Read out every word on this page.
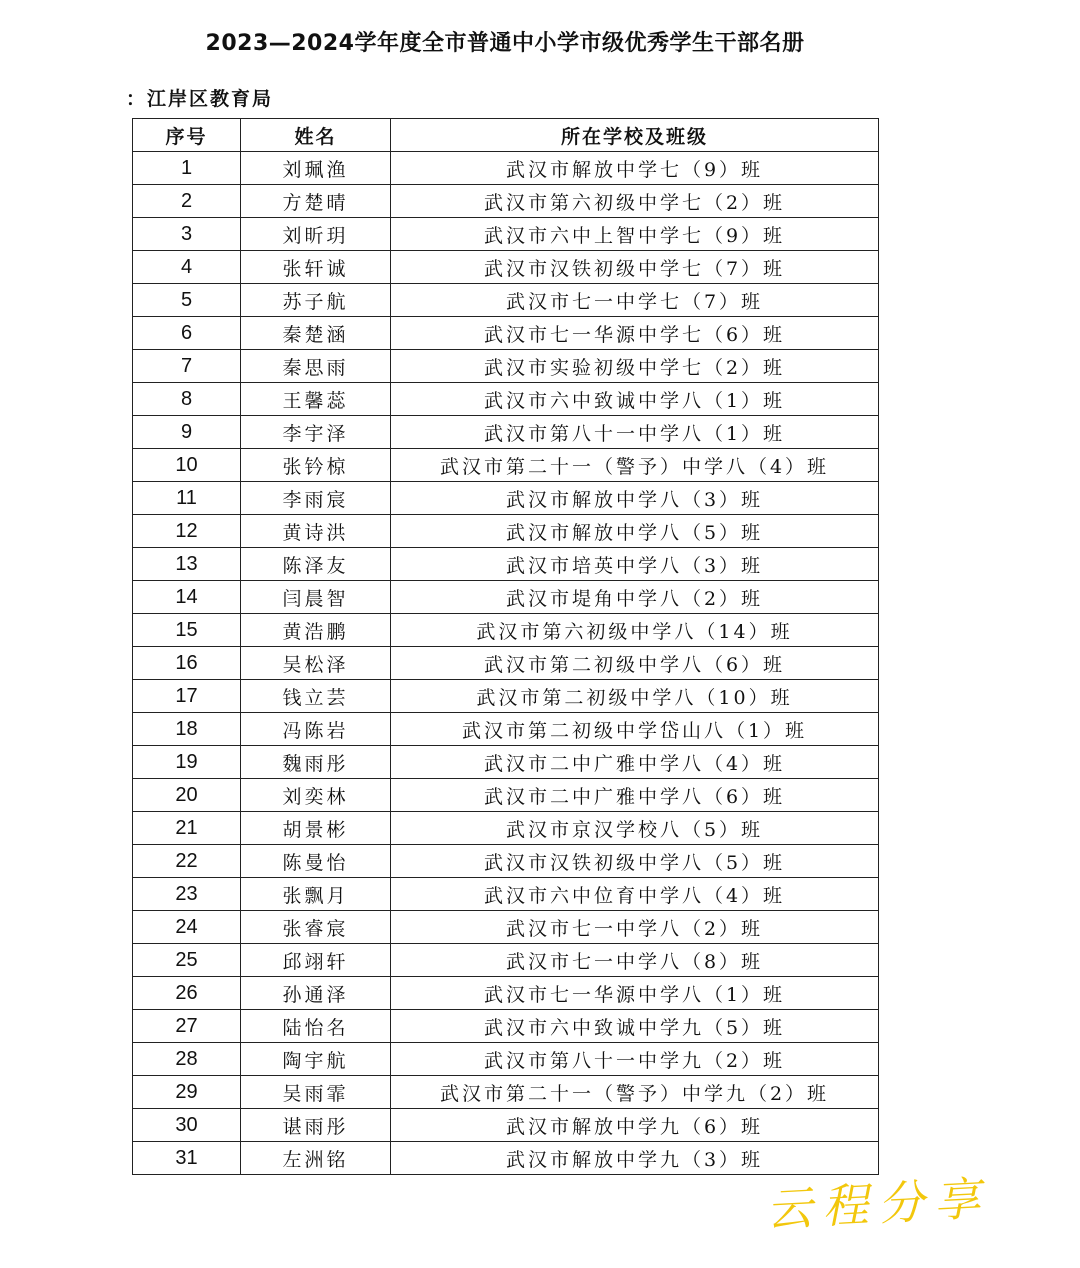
2023—2024学年度全市普通中小学市级优秀学生干部名册
：江岸区教育局
序号	姓名	所在学校及班级
1	刘珮渔	武汉市解放中学七（9）班
2	方楚晴	武汉市第六初级中学七（2）班
3	刘昕玥	武汉市六中上智中学七（9）班
4	张轩诚	武汉市汉铁初级中学七（7）班
5	苏子航	武汉市七一中学七（7）班
6	秦楚涵	武汉市七一华源中学七（6）班
7	秦思雨	武汉市实验初级中学七（2）班
8	王馨蕊	武汉市六中致诚中学八（1）班
9	李宇泽	武汉市第八十一中学八（1）班
10	张钤椋	武汉市第二十一（警予）中学八（4）班
11	李雨宸	武汉市解放中学八（3）班
12	黄诗洪	武汉市解放中学八（5）班
13	陈泽友	武汉市培英中学八（3）班
14	闫晨智	武汉市堤角中学八（2）班
15	黄浩鹏	武汉市第六初级中学八（14）班
16	吴松泽	武汉市第二初级中学八（6）班
17	钱立芸	武汉市第二初级中学八（10）班
18	冯陈岩	武汉市第二初级中学岱山八（1）班
19	魏雨彤	武汉市二中广雅中学八（4）班
20	刘奕林	武汉市二中广雅中学八（6）班
21	胡景彬	武汉市京汉学校八（5）班
22	陈曼怡	武汉市汉铁初级中学八（5）班
23	张飘月	武汉市六中位育中学八（4）班
24	张睿宸	武汉市七一中学八（2）班
25	邱翊轩	武汉市七一中学八（8）班
26	孙通泽	武汉市七一华源中学八（1）班
27	陆怡名	武汉市六中致诚中学九（5）班
28	陶宇航	武汉市第八十一中学九（2）班
29	吴雨霏	武汉市第二十一（警予）中学九（2）班
30	谌雨彤	武汉市解放中学九（6）班
31	左洲铭	武汉市解放中学九（3）班
云程分享
